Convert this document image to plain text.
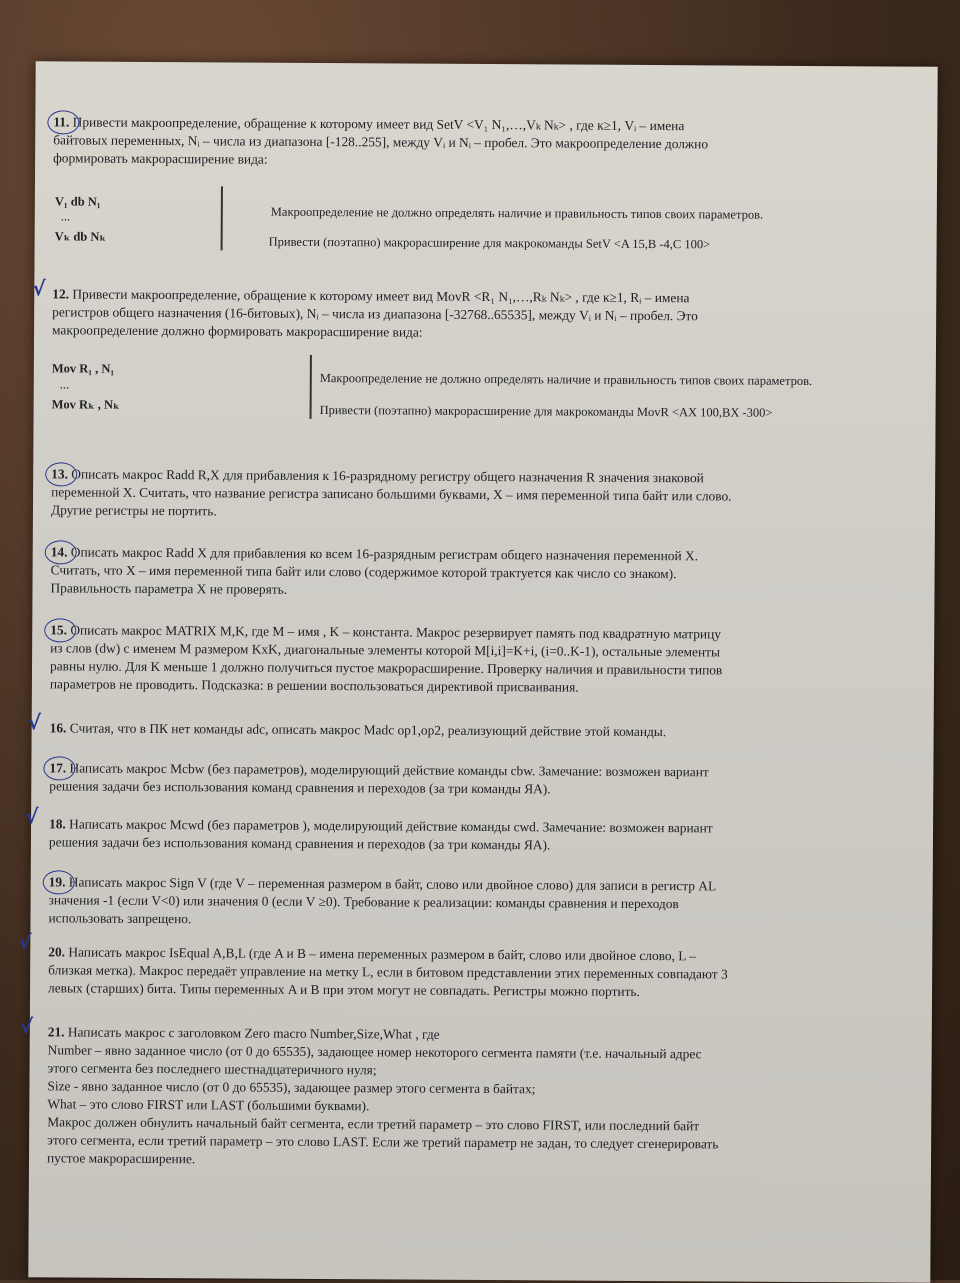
11. Привести макроопределение, обращение к которому имеет вид SetV <V₁ N₁,…,Vₖ Nₖ> , где к≥1, Vᵢ – имена

байтовых переменных, Nᵢ – числа из диапазона [-128..255], между Vᵢ и Nᵢ – пробел. Это макроопределение должно

формировать макрорасширение вида:

V₁ db N₁
...
Vₖ db Nₖ
Макроопределение не должно определять наличие и правильность типов своих параметров.
Привести (поэтапно) макрорасширение для макрокоманды SetV <A 15,B -4,C 100>
√ 12. Привести макроопределение, обращение к которому имеет вид MovR <R₁ N₁,…,Rₖ Nₖ> , где к≥1, Rᵢ – имена

регистров общего назначения (16-битовых), Nᵢ – числа из диапазона [-32768..65535], между Vᵢ и Nᵢ – пробел. Это

макроопределение должно формировать макрорасширение вида:

Mov R₁ , N₁
...
Mov Rₖ , Nₖ
Макроопределение не должно определять наличие и правильность типов своих параметров.
Привести (поэтапно) макрорасширение для макрокоманды MovR <AX 100,BX -300>

13. Описать макрос Radd R,X для прибавления к 16-разрядному регистру общего назначения R значения знаковой

переменной X. Считать, что название регистра записано большими буквами, X – имя переменной типа байт или слово.

Другие регистры не портить.

14. Описать макрос Radd X для прибавления ко всем 16-разрядным регистрам общего назначения переменной X.

Считать, что X – имя переменной типа байт или слово (содержимое которой трактуется как число со знаком).

Правильность параметра X не проверять.

15. Описать макрос MATRIX M,K, где M – имя , K – константа. Макрос резервирует память под квадратную матрицу

из слов (dw) с именем M размером KxK, диагональные элементы которой M[i,i]=K+i, (i=0..K-1), остальные элементы

равны нулю. Для K меньше 1 должно получиться пустое макрорасширение. Проверку наличия и правильности типов

параметров не проводить. Подсказка: в решении воспользоваться директивой присваивания.

√ 16. Считая, что в ПК нет команды adc, описать макрос Madc op1,op2, реализующий действие этой команды.

17. Написать макрос Mcbw (без параметров), моделирующий действие команды cbw. Замечание: возможен вариант

решения задачи без использования команд сравнения и переходов (за три команды ЯА).

√ 18. Написать макрос Mcwd (без параметров ), моделирующий действие команды cwd. Замечание: возможен вариант

решения задачи без использования команд сравнения и переходов (за три команды ЯА).

19. Написать макрос Sign V (где V – переменная размером в байт, слово или двойное слово) для записи в регистр AL

значения -1 (если V<0) или значения 0 (если V ≥0). Требование к реализации: команды сравнения и переходов

использовать запрещено.

√ 20. Написать макрос IsEqual A,B,L (где A и B – имена переменных размером в байт, слово или двойное слово, L –

близкая метка). Макрос передаёт управление на метку L, если в битовом представлении этих переменных совпадают 3

левых (старших) бита. Типы переменных A и B при этом могут не совпадать. Регистры можно портить.

√ 21. Написать макрос с заголовком Zero macro Number,Size,What , где

Number – явно заданное число (от 0 до 65535), задающее номер некоторого сегмента памяти (т.е. начальный адрес

этого сегмента без последнего шестнадцатеричного нуля;

Size - явно заданное число (от 0 до 65535), задающее размер этого сегмента в байтах;

What – это слово FIRST или LAST (большими буквами).

Макрос должен обнулить начальный байт сегмента, если третий параметр – это слово FIRST, или последний байт

этого сегмента, если третий параметр – это слово LAST. Если же третий параметр не задан, то следует сгенерировать

пустое макрорасширение.
